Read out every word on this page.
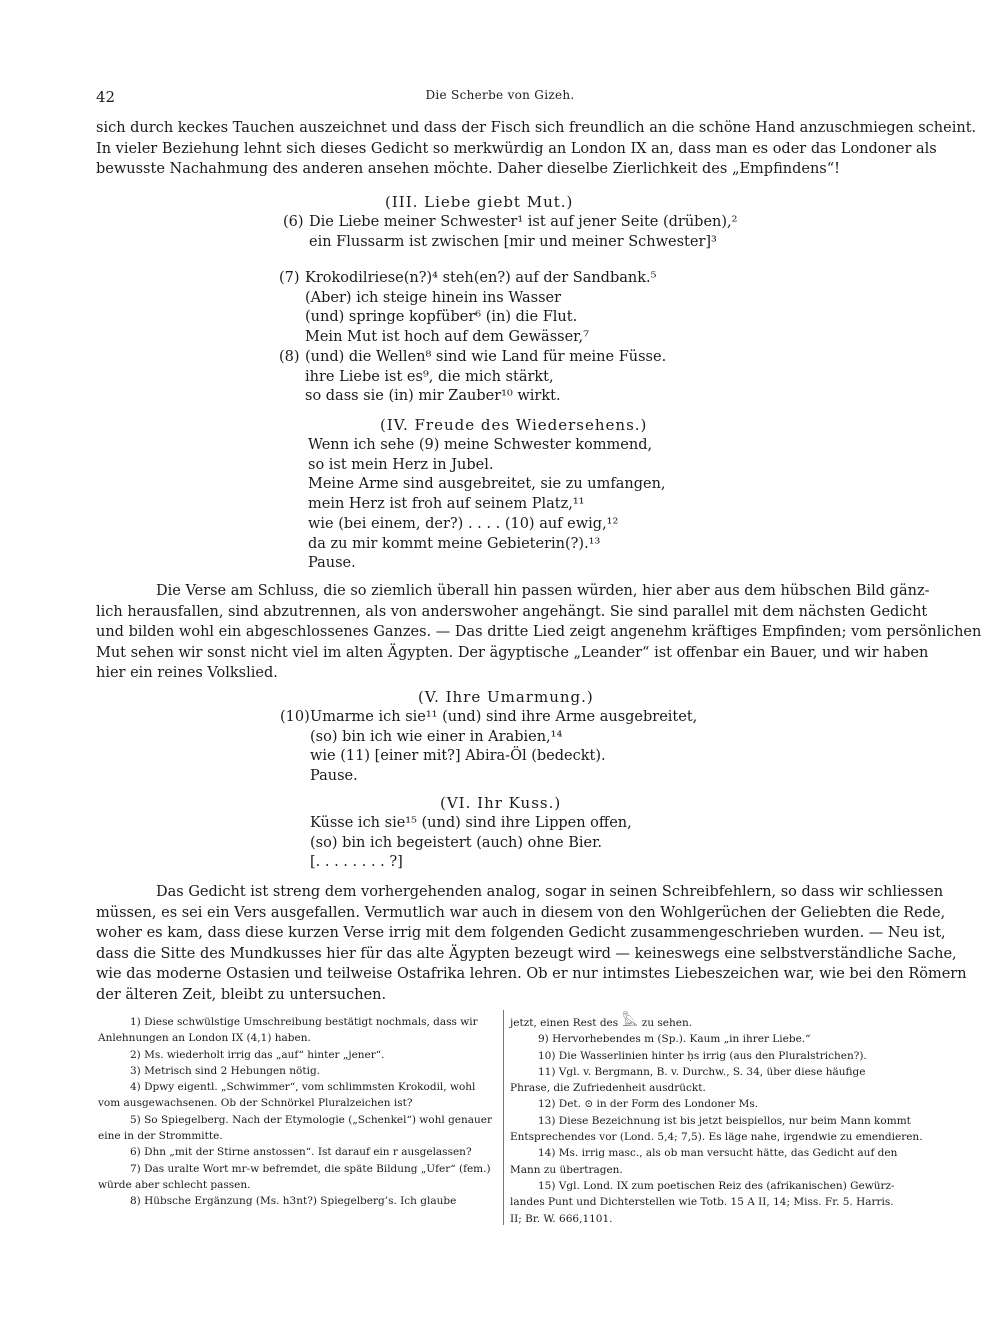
42	Die Scherbe von Gizeh.
sich durch keckes Tauchen auszeichnet und dass der Fisch sich freundlich an die schöne Hand anzuschmiegen scheint.
In vieler Beziehung lehnt sich dieses Gedicht so merkwürdig an London IX an, dass man es oder das Londoner als
bewusste Nachahmung des anderen ansehen möchte. Daher dieselbe Zierlichkeit des „Empfindens“!
(III. Liebe giebt Mut.)
(6) Die Liebe meiner Schwester¹ ist auf jener Seite (drüben),²
ein Flussarm ist zwischen [mir und meiner Schwester]³
(7) Krokodilriese(n?)⁴ steh(en?) auf der Sandbank.⁵
(Aber) ich steige hinein ins Wasser
(und) springe kopfüber⁶ (in) die Flut.
Mein Mut ist hoch auf dem Gewässer,⁷
(8) (und) die Wellen⁸ sind wie Land für meine Füsse.
ihre Liebe ist es⁹, die mich stärkt,
so dass sie (in) mir Zauber¹⁰ wirkt.
(IV. Freude des Wiedersehens.)
Wenn ich sehe (9) meine Schwester kommend,
so ist mein Herz in Jubel.
Meine Arme sind ausgebreitet, sie zu umfangen,
mein Herz ist froh auf seinem Platz,¹¹
wie (bei einem, der?) . . . . (10) auf ewig,¹²
da zu mir kommt meine Gebieterin(?).¹³
Pause.
Die Verse am Schluss, die so ziemlich überall hin passen würden, hier aber aus dem hübschen Bild gänz-
lich herausfallen, sind abzutrennen, als von anderswoher angehängt. Sie sind parallel mit dem nächsten Gedicht
und bilden wohl ein abgeschlossenes Ganzes. — Das dritte Lied zeigt angenehm kräftiges Empfinden; vom persönlichen
Mut sehen wir sonst nicht viel im alten Ägypten. Der ägyptische „Leander“ ist offenbar ein Bauer, und wir haben
hier ein reines Volkslied.
(V. Ihre Umarmung.)
(10)Umarme ich sie¹¹ (und) sind ihre Arme ausgebreitet,
(so) bin ich wie einer in Arabien,¹⁴
wie (11) [einer mit?] Abira-Öl (bedeckt).
Pause.
(VI. Ihr Kuss.)
Küsse ich sie¹⁵ (und) sind ihre Lippen offen,
(so) bin ich begeistert (auch) ohne Bier.
[. . . . . . . . ?]
Das Gedicht ist streng dem vorhergehenden analog, sogar in seinen Schreibfehlern, so dass wir schliessen
müssen, es sei ein Vers ausgefallen. Vermutlich war auch in diesem von den Wohlgerüchen der Geliebten die Rede,
woher es kam, dass diese kurzen Verse irrig mit dem folgenden Gedicht zusammengeschrieben wurden. — Neu ist,
dass die Sitte des Mundkusses hier für das alte Ägypten bezeugt wird — keineswegs eine selbstverständliche Sache,
wie das moderne Ostasien und teilweise Ostafrika lehren. Ob er nur intimstes Liebeszeichen war, wie bei den Römern
der älteren Zeit, bleibt zu untersuchen.
1) Diese schwülstige Umschreibung bestätigt nochmals, dass wir
Anlehnungen an London IX (4,1) haben.
2) Ms. wiederholt irrig das „auf“ hinter „jener“.
3) Metrisch sind 2 Hebungen nötig.
4) Dpwy eigentl. „Schwimmer“, vom schlimmsten Krokodil, wohl
vom ausgewachsenen. Ob der Schnörkel Pluralzeichen ist?
5) So Spiegelberg. Nach der Etymologie („Schenkel“) wohl genauer
eine in der Strommitte.
6) Dhn „mit der Stirne anstossen“. Ist darauf ein r ausgelassen?
7) Das uralte Wort mr-w befremdet, die späte Bildung „Ufer“ (fem.)
würde aber schlecht passen.
8) Hübsche Ergänzung (Ms. h3nt?) Spiegelberg’s. Ich glaube
jetzt, einen Rest des 𓅓 zu sehen.
9) Hervorhebendes m (Sp.). Kaum „in ihrer Liebe.“
10) Die Wasserlinien hinter ḥs irrig (aus den Pluralstrichen?).
11) Vgl. v. Bergmann, B. v. Durchw., S. 34, über diese häufige
Phrase, die Zufriedenheit ausdrückt.
12) Det. ⊙ in der Form des Londoner Ms.
13) Diese Bezeichnung ist bis jetzt beispiellos, nur beim Mann kommt
Entsprechendes vor (Lond. 5,4; 7,5). Es läge nahe, irgendwie zu emendieren.
14) Ms. irrig masc., als ob man versucht hätte, das Gedicht auf den
Mann zu übertragen.
15) Vgl. Lond. IX zum poetischen Reiz des (afrikanischen) Gewürz-
landes Punt und Dichterstellen wie Totb. 15 A II, 14; Miss. Fr. 5. Harris.
II; Br. W. 666,1101.
